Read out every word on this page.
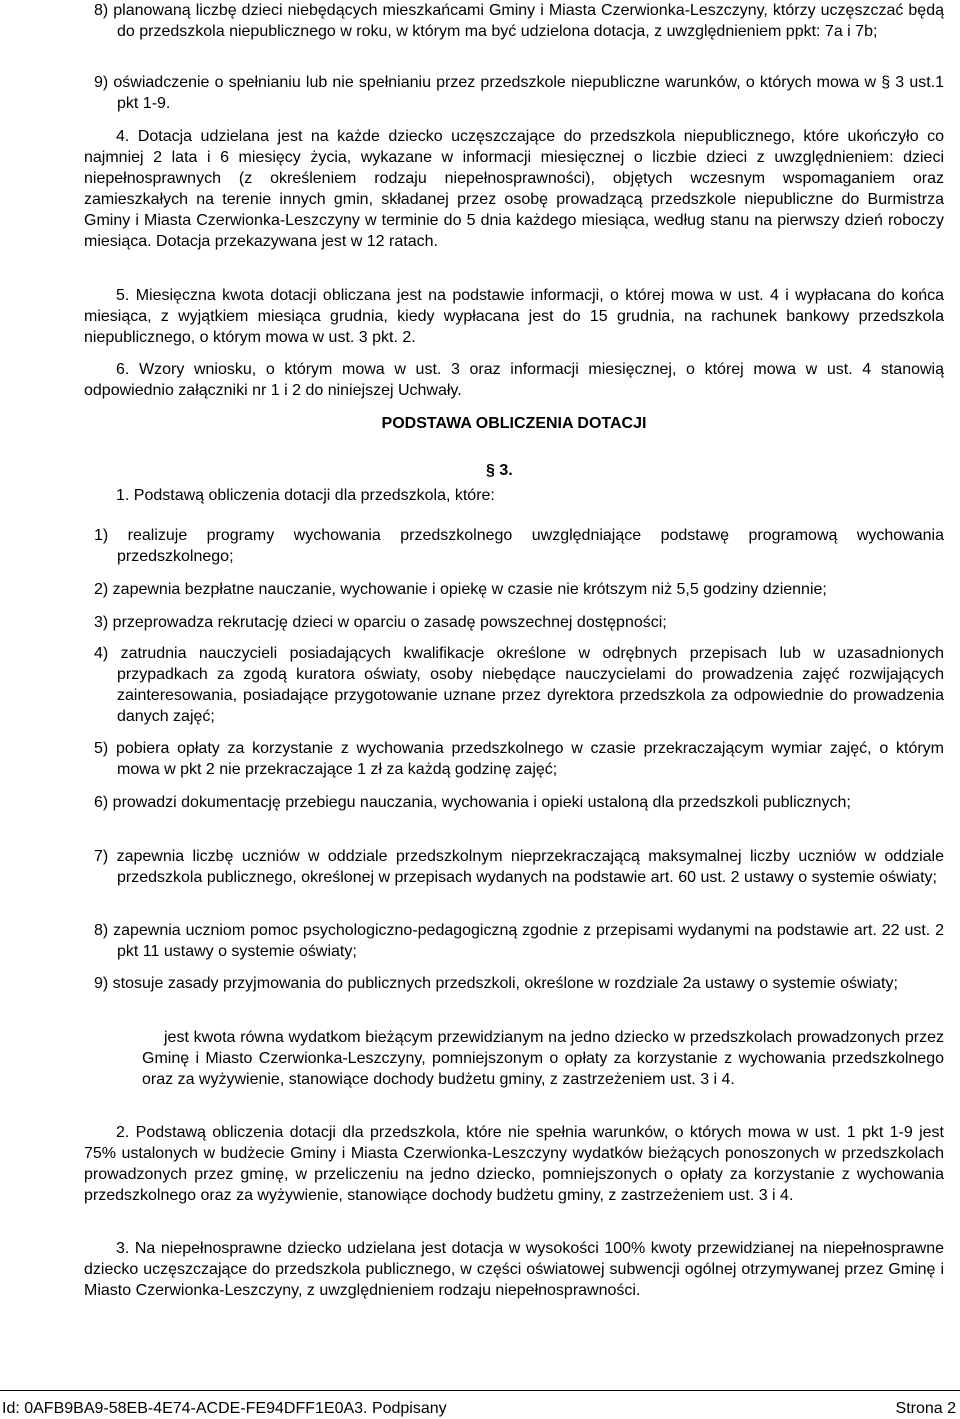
8) planowaną liczbę dzieci niebędących mieszkańcami Gminy i Miasta Czerwionka-Leszczyny, którzy uczęszczać będą do przedszkola niepublicznego w roku, w którym ma być udzielona dotacja, z uwzględnieniem ppkt: 7a i 7b;

9) oświadczenie o spełnianiu lub nie spełnianiu przez przedszkole niepubliczne warunków, o których mowa w § 3 ust.1 pkt 1-9.

4. Dotacja udzielana jest na każde dziecko uczęszczające do przedszkola niepublicznego, które ukończyło co najmniej 2 lata i 6 miesięcy życia, wykazane w informacji miesięcznej o liczbie dzieci z uwzględnieniem: dzieci niepełnosprawnych (z określeniem rodzaju niepełnosprawności), objętych wczesnym wspomaganiem oraz zamieszkałych na terenie innych gmin, składanej przez osobę prowadzącą przedszkole niepubliczne do Burmistrza Gminy i Miasta Czerwionka-Leszczyny w terminie do 5 dnia każdego miesiąca, według stanu na pierwszy dzień roboczy miesiąca. Dotacja przekazywana jest w 12 ratach.

5. Miesięczna kwota dotacji obliczana jest na podstawie informacji, o której mowa w ust. 4 i wypłacana do końca miesiąca, z wyjątkiem miesiąca grudnia, kiedy wypłacana jest do 15 grudnia, na rachunek bankowy przedszkola niepublicznego, o którym mowa w ust. 3 pkt. 2.

6. Wzory wniosku, o którym mowa w ust. 3 oraz informacji miesięcznej, o której mowa w ust. 4 stanowią odpowiednio załączniki nr 1 i 2 do niniejszej Uchwały.

PODSTAWA OBLICZENIA DOTACJI

§ 3.

1. Podstawą obliczenia dotacji dla przedszkola, które:

1) realizuje programy wychowania przedszkolnego uwzględniające podstawę programową wychowania przedszkolnego;

2) zapewnia bezpłatne nauczanie, wychowanie i opiekę w czasie nie krótszym niż 5,5 godziny dziennie;

3) przeprowadza rekrutację dzieci w oparciu o zasadę powszechnej dostępności;

4) zatrudnia nauczycieli posiadających kwalifikacje określone w odrębnych przepisach lub w uzasadnionych przypadkach za zgodą kuratora oświaty, osoby niebędące nauczycielami do prowadzenia zajęć rozwijających zainteresowania, posiadające przygotowanie uznane przez dyrektora przedszkola za odpowiednie do prowadzenia danych zajęć;

5) pobiera opłaty za korzystanie z wychowania przedszkolnego w czasie przekraczającym wymiar zajęć, o którym mowa w pkt 2 nie przekraczające 1 zł za każdą godzinę zajęć;

6) prowadzi dokumentację przebiegu nauczania, wychowania i opieki ustaloną dla przedszkoli publicznych;

7) zapewnia liczbę uczniów w oddziale przedszkolnym nieprzekraczającą maksymalnej liczby uczniów w oddziale przedszkola publicznego, określonej w przepisach wydanych na podstawie art. 60 ust. 2 ustawy o systemie oświaty;

8) zapewnia uczniom pomoc psychologiczno-pedagogiczną zgodnie z przepisami wydanymi na podstawie art. 22 ust. 2 pkt 11 ustawy o systemie oświaty;

9) stosuje zasady przyjmowania do publicznych przedszkoli, określone w rozdziale 2a ustawy o systemie oświaty;

jest kwota równa wydatkom bieżącym przewidzianym na jedno dziecko w przedszkolach prowadzonych przez Gminę i Miasto Czerwionka-Leszczyny, pomniejszonym o opłaty za korzystanie z wychowania przedszkolnego oraz za wyżywienie, stanowiące dochody budżetu gminy, z zastrzeżeniem ust. 3 i 4.

2. Podstawą obliczenia dotacji dla przedszkola, które nie spełnia warunków, o których mowa w ust. 1 pkt 1-9 jest 75% ustalonych w budżecie Gminy i Miasta Czerwionka-Leszczyny wydatków bieżących ponoszonych w przedszkolach prowadzonych przez gminę, w przeliczeniu na jedno dziecko, pomniejszonych o opłaty za korzystanie z wychowania przedszkolnego oraz za wyżywienie, stanowiące dochody budżetu gminy, z zastrzeżeniem ust. 3 i 4.

3. Na niepełnosprawne dziecko udzielana jest dotacja w wysokości 100% kwoty przewidzianej na niepełnosprawne dziecko uczęszczające do przedszkola publicznego, w części oświatowej subwencji ogólnej otrzymywanej przez Gminę i Miasto Czerwionka-Leszczyny, z uwzględnieniem rodzaju niepełnosprawności.

Id: 0AFB9BA9-58EB-4E74-ACDE-FE94DFF1E0A3. Podpisany	Strona 2
